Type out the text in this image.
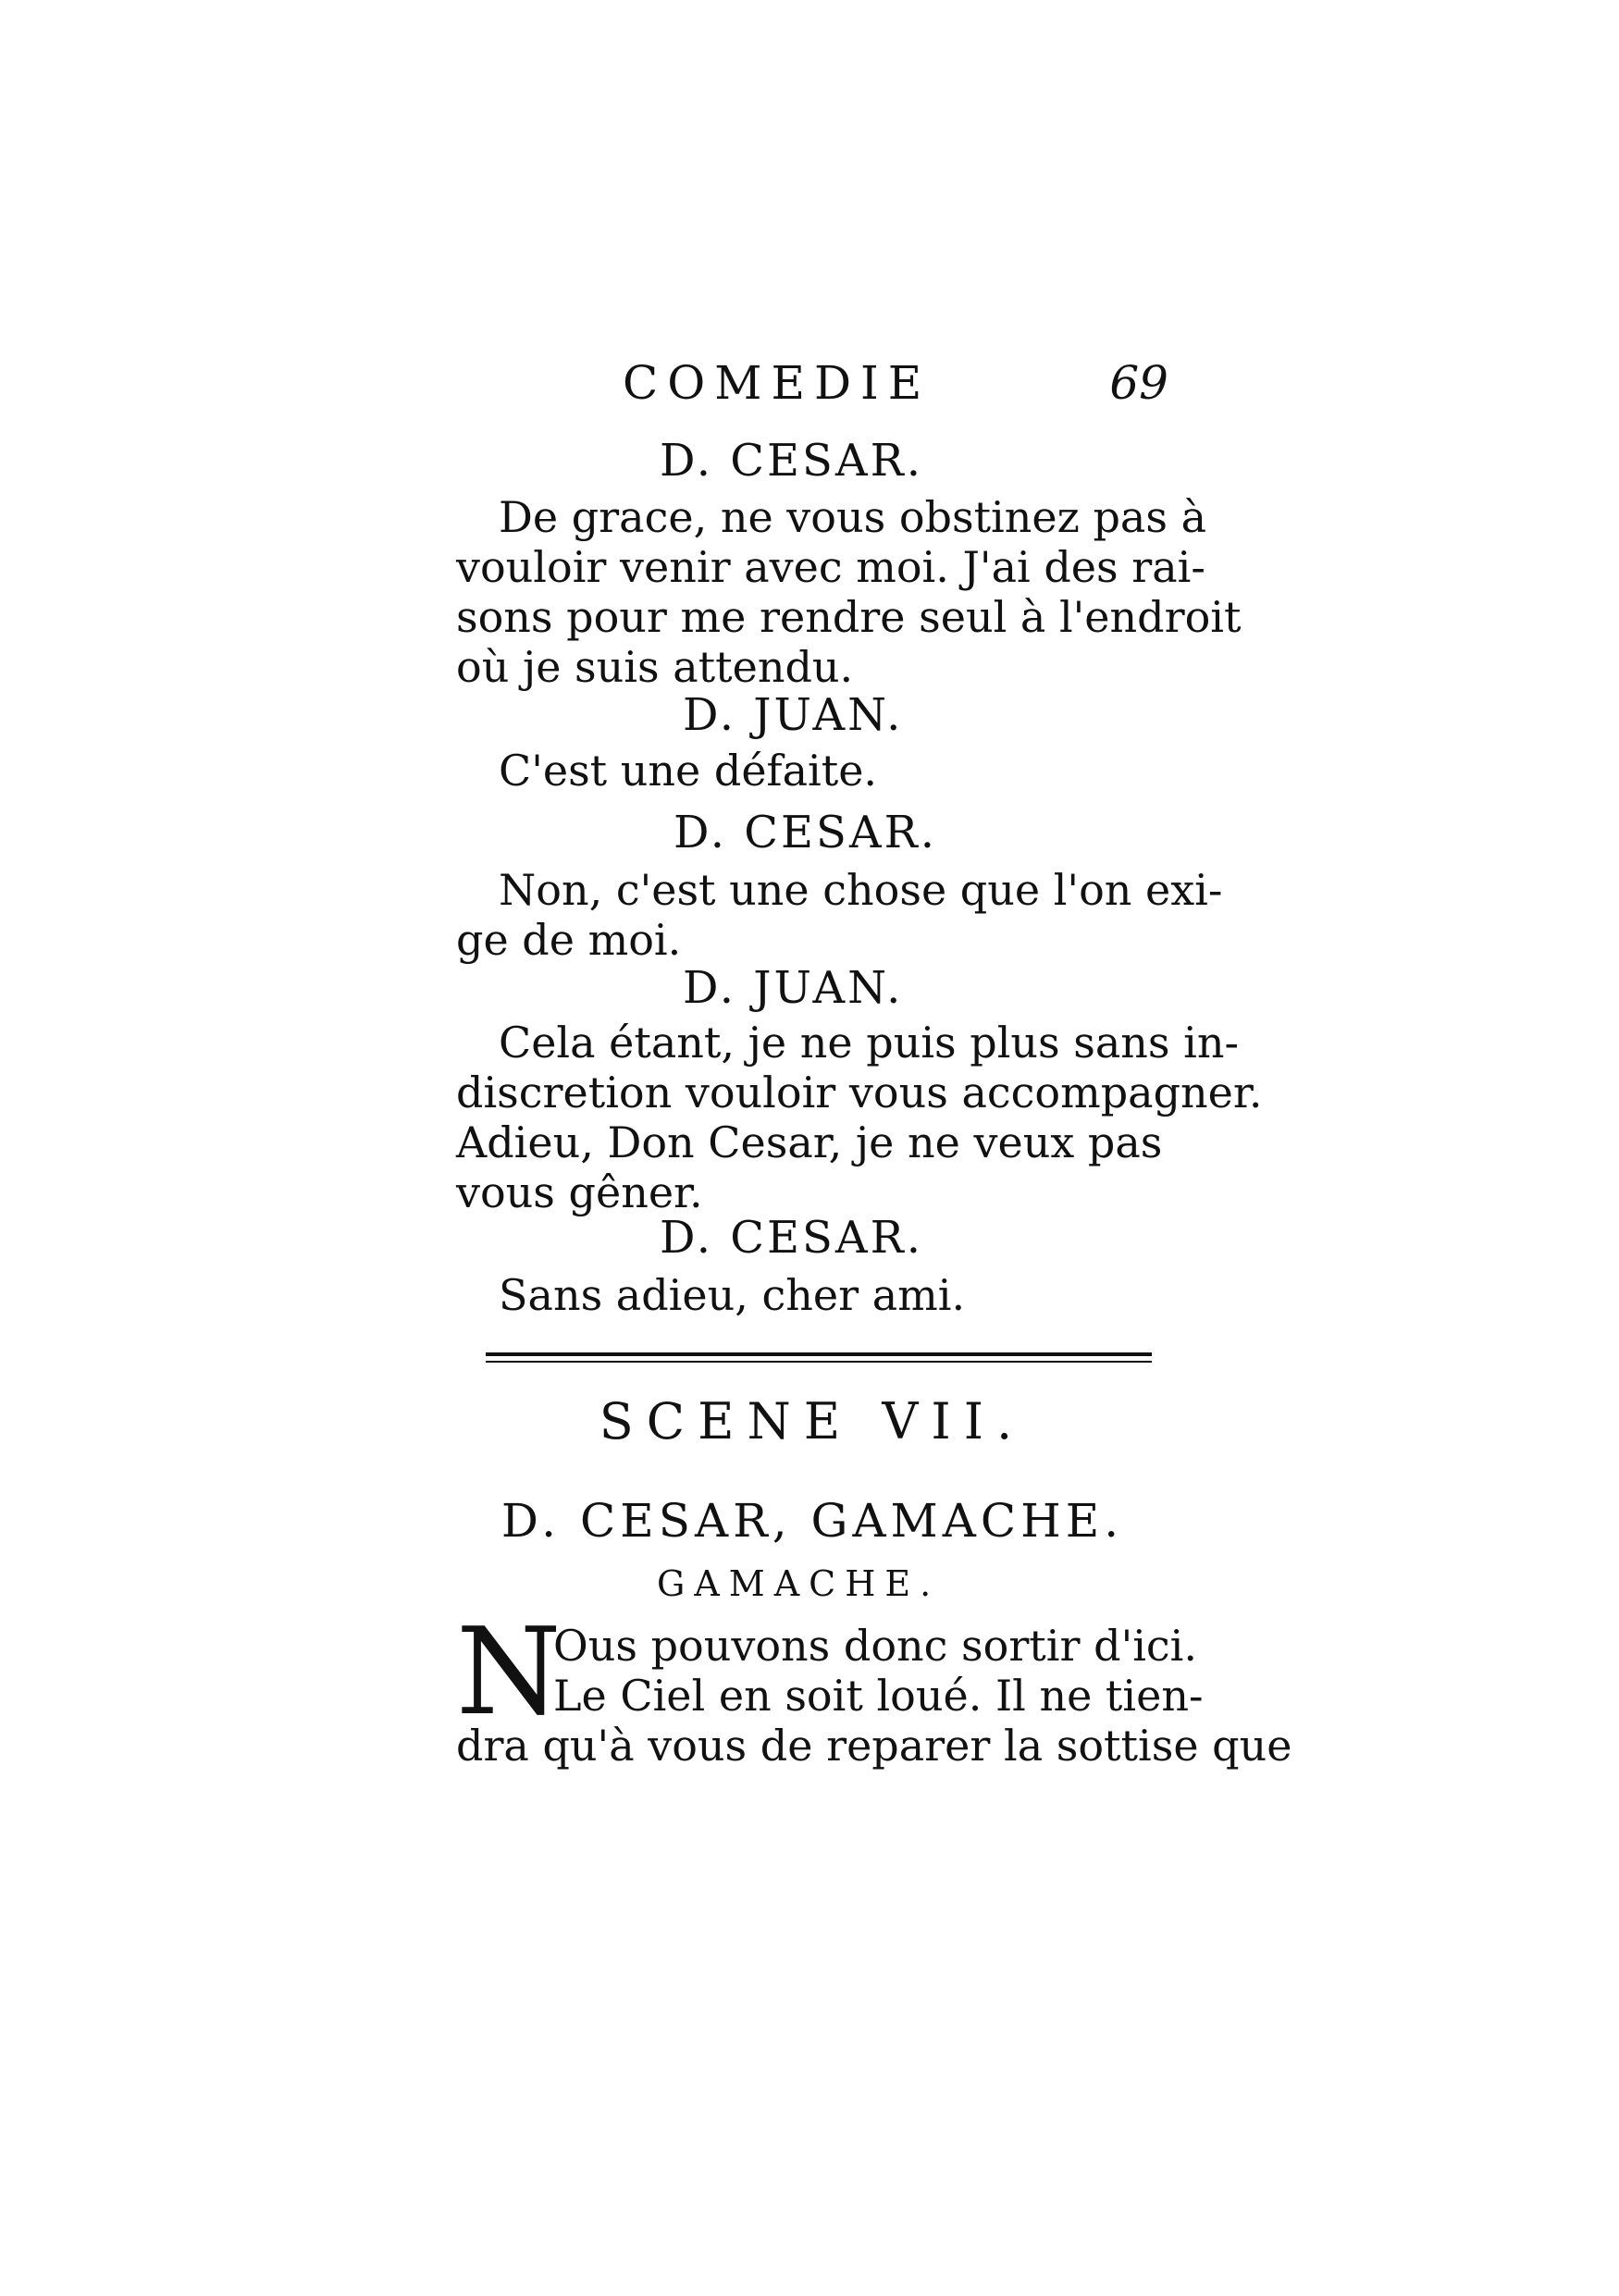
COMEDIE	69
D. CESAR.
De grace, ne vous obstinez pas à
vouloir venir avec moi. J'ai des rai-
sons pour me rendre seul à l'endroit
où je suis attendu.
D. JUAN.
C'est une défaite.
D. CESAR.
Non, c'est une chose que l'on exi-
ge de moi.
D. JUAN.
Cela étant, je ne puis plus sans in-
discretion vouloir vous accompagner.
Adieu, Don Cesar, je ne veux pas
vous gêner.
D. CESAR.
Sans adieu, cher ami.
SCENE VII.
D. CESAR, GAMACHE.
GAMACHE.
N
Ous pouvons donc sortir d'ici.
Le Ciel en soit loué. Il ne tien-
dra qu'à vous de reparer la sottise que
